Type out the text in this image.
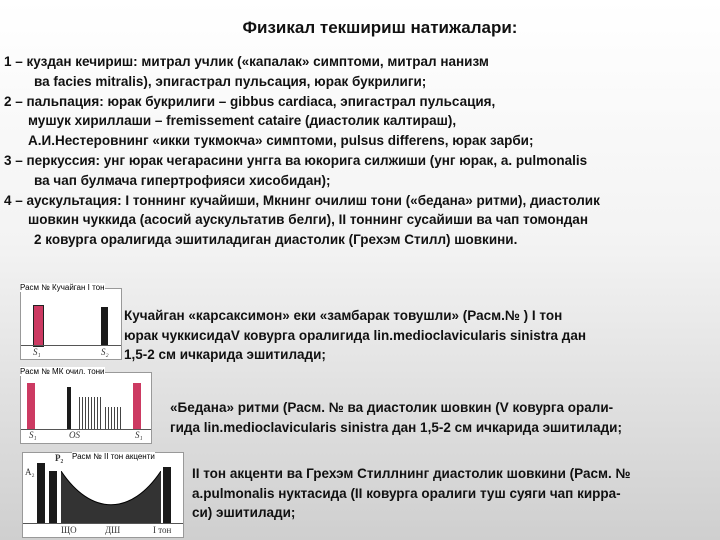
Физикал текшириш натижалари:
1 – куздан кечириш: митрал учлик («капалак» симптоми, митрал нанизм
ва facies mitralis), эпигастрал пульсация, юрак букрилиги;
2 – пальпация: юрак букрилиги – gibbus cardiaca, эпигастрал пульсация,
мушук хириллаши – fremissement cataire (диастолик калтираш),
А.И.Нестеровнинг «икки тукмокча» симптоми, pulsus differens, юрак зарби;
3 – перкуссия: унг юрак чегарасини унгга ва юкорига силжиши (унг юрак, а. pulmonalis
ва чап булмача гипертрофияси хисобидан);
4 – аускультация: I тоннинг кучайиши, Мкнинг очилиш тони («бедана» ритми), диастолик
шовкин чуккида (асосий аускультатив белги), II тоннинг сусайиши ва чап томондан
2 ковурга оралигида эшитиладиган диастолик (Грехэм Стилл) шовкини.
S₁	S₂
Расм № Кучайган I тон
Кучайган «карсаксимон» еки «замбарак товушли» (Расм.№ ) I тон
юрак чуккисидаV ковурга оралигида lin.medioclavicularis sinistra дан
1,5-2 см ичкарида эшитилади;
S₁	OS	S₁
Расм № МК очил. тони
«Бедана» ритми (Расм. № ва диастолик шовкин (V ковурга орали-
гида lin.medioclavicularis sinistra дан 1,5-2 см ичкарида эшитилади;
P₂
A₂
ЩО	ДШ	I тон
Расм № II тон акценти
II тон акценти ва Грехэм Стиллнинг диастолик шовкини (Расм. №
a.pulmonalis нуктасида (II ковурга оралиги туш суяги чап кирра-
си) эшитилади;
